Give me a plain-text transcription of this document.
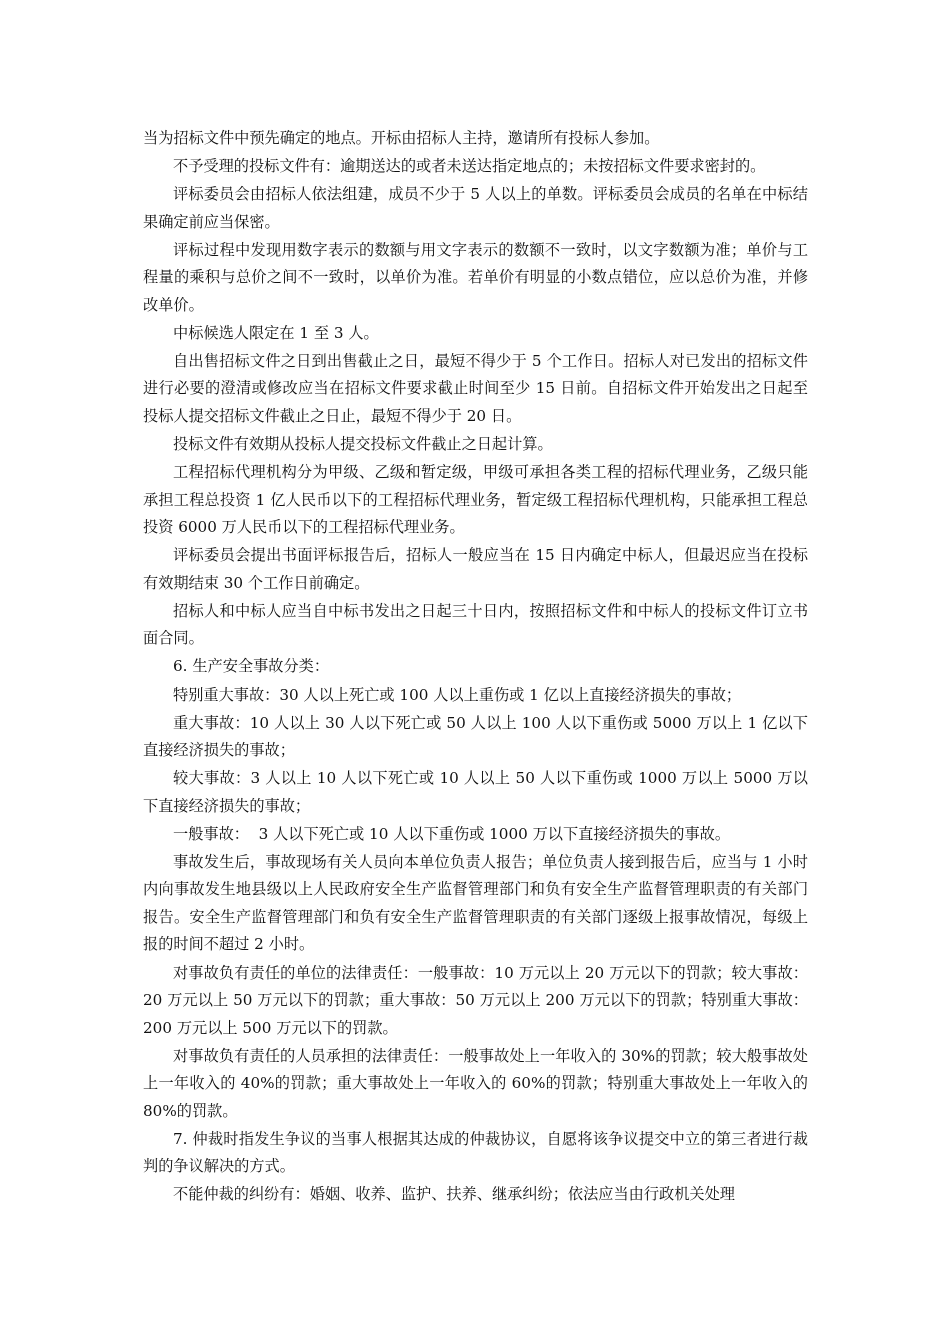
当为招标文件中预先确定的地点。开标由招标人主持，邀请所有投标人参加。

不予受理的投标文件有：逾期送达的或者未送达指定地点的；未按招标文件要求密封的。

评标委员会由招标人依法组建，成员不少于 5 人以上的单数。评标委员会成员的名单在中标结果确定前应当保密。

评标过程中发现用数字表示的数额与用文字表示的数额不一致时，以文字数额为准；单价与工程量的乘积与总价之间不一致时，以单价为准。若单价有明显的小数点错位，应以总价为准，并修改单价。

中标候选人限定在 1 至 3 人。

自出售招标文件之日到出售截止之日，最短不得少于 5 个工作日。招标人对已发出的招标文件进行必要的澄清或修改应当在招标文件要求截止时间至少 15 日前。自招标文件开始发出之日起至投标人提交招标文件截止之日止，最短不得少于 20 日。

投标文件有效期从投标人提交投标文件截止之日起计算。

工程招标代理机构分为甲级、乙级和暂定级，甲级可承担各类工程的招标代理业务，乙级只能承担工程总投资 1 亿人民币以下的工程招标代理业务，暂定级工程招标代理机构，只能承担工程总投资 6000 万人民币以下的工程招标代理业务。

评标委员会提出书面评标报告后，招标人一般应当在 15 日内确定中标人，但最迟应当在投标有效期结束 30 个工作日前确定。

招标人和中标人应当自中标书发出之日起三十日内，按照招标文件和中标人的投标文件订立书面合同。

6. 生产安全事故分类：

特别重大事故：30 人以上死亡或 100 人以上重伤或 1 亿以上直接经济损失的事故；

重大事故：10 人以上 30 人以下死亡或 50 人以上 100 人以下重伤或 5000 万以上 1 亿以下直接经济损失的事故；

较大事故：3 人以上 10 人以下死亡或 10 人以上 50 人以下重伤或 1000 万以上 5000 万以下直接经济损失的事故；

一般事故：  3 人以下死亡或 10 人以下重伤或 1000 万以下直接经济损失的事故。

事故发生后，事故现场有关人员向本单位负责人报告；单位负责人接到报告后，应当与 1 小时内向事故发生地县级以上人民政府安全生产监督管理部门和负有安全生产监督管理职责的有关部门报告。安全生产监督管理部门和负有安全生产监督管理职责的有关部门逐级上报事故情况，每级上报的时间不超过 2 小时。

对事故负有责任的单位的法律责任：一般事故：10 万元以上 20 万元以下的罚款；较大事故：20 万元以上 50 万元以下的罚款；重大事故：50 万元以上 200 万元以下的罚款；特别重大事故：200 万元以上 500 万元以下的罚款。

对事故负有责任的人员承担的法律责任：一般事故处上一年收入的 30%的罚款；较大般事故处上一年收入的 40%的罚款；重大事故处上一年收入的 60%的罚款；特别重大事故处上一年收入的 80%的罚款。

7. 仲裁时指发生争议的当事人根据其达成的仲裁协议，自愿将该争议提交中立的第三者进行裁判的争议解决的方式。

不能仲裁的纠纷有：婚姻、收养、监护、扶养、继承纠纷；依法应当由行政机关处理
